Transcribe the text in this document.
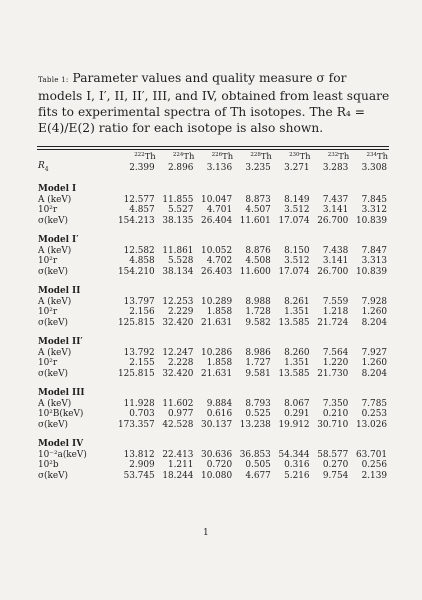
Table 1: Parameter values and quality measure σ for models I, I′, II, II′, III, and IV, obtained from least square fits to experimental spectra of Th isotopes. The R₄ = E(4)/E(2) ratio for each isotope is also shown.
	$^{222}$Th	$^{224}$Th	$^{226}$Th	$^{228}$Th	$^{230}$Th	$^{232}$Th	$^{234}$Th
$R_4$	2.399	2.896	3.136	3.235	3.271	3.283	3.308

Model I							
A (keV)	12.577	11.855	10.047	8.873	8.149	7.437	7.845
10²r	4.857	5.527	4.701	4.507	3.512	3.141	3.312
σ(keV)	154.213	38.135	26.404	11.601	17.074	26.700	10.839

Model I′							
A (keV)	12.582	11.861	10.052	8.876	8.150	7.438	7.847
10²r	4.858	5.528	4.702	4.508	3.512	3.141	3.313
σ(keV)	154.210	38.134	26.403	11.600	17.074	26.700	10.839

Model II							
A (keV)	13.797	12.253	10.289	8.988	8.261	7.559	7.928
10²r	2.156	2.229	1.858	1.728	1.351	1.218	1.260
σ(keV)	125.815	32.420	21.631	9.582	13.585	21.724	8.204

Model II′							
A (keV)	13.792	12.247	10.286	8.986	8.260	7.564	7.927
10²r	2.155	2.228	1.858	1.727	1.351	1.220	1.260
σ(keV)	125.815	32.420	21.631	9.581	13.585	21.730	8.204

Model III							
A (keV)	11.928	11.602	9.884	8.793	8.067	7.350	7.785
10²B(keV)	0.703	0.977	0.616	0.525	0.291	0.210	0.253
σ(keV)	173.357	42.528	30.137	13.238	19.912	30.710	13.026

Model IV							
10⁻²a(keV)	13.812	22.413	30.636	36.853	54.344	58.577	63.701
10²b	2.909	1.211	0.720	0.505	0.316	0.270	0.256
σ(keV)	53.745	18.244	10.080	4.677	5.216	9.754	2.139
1
